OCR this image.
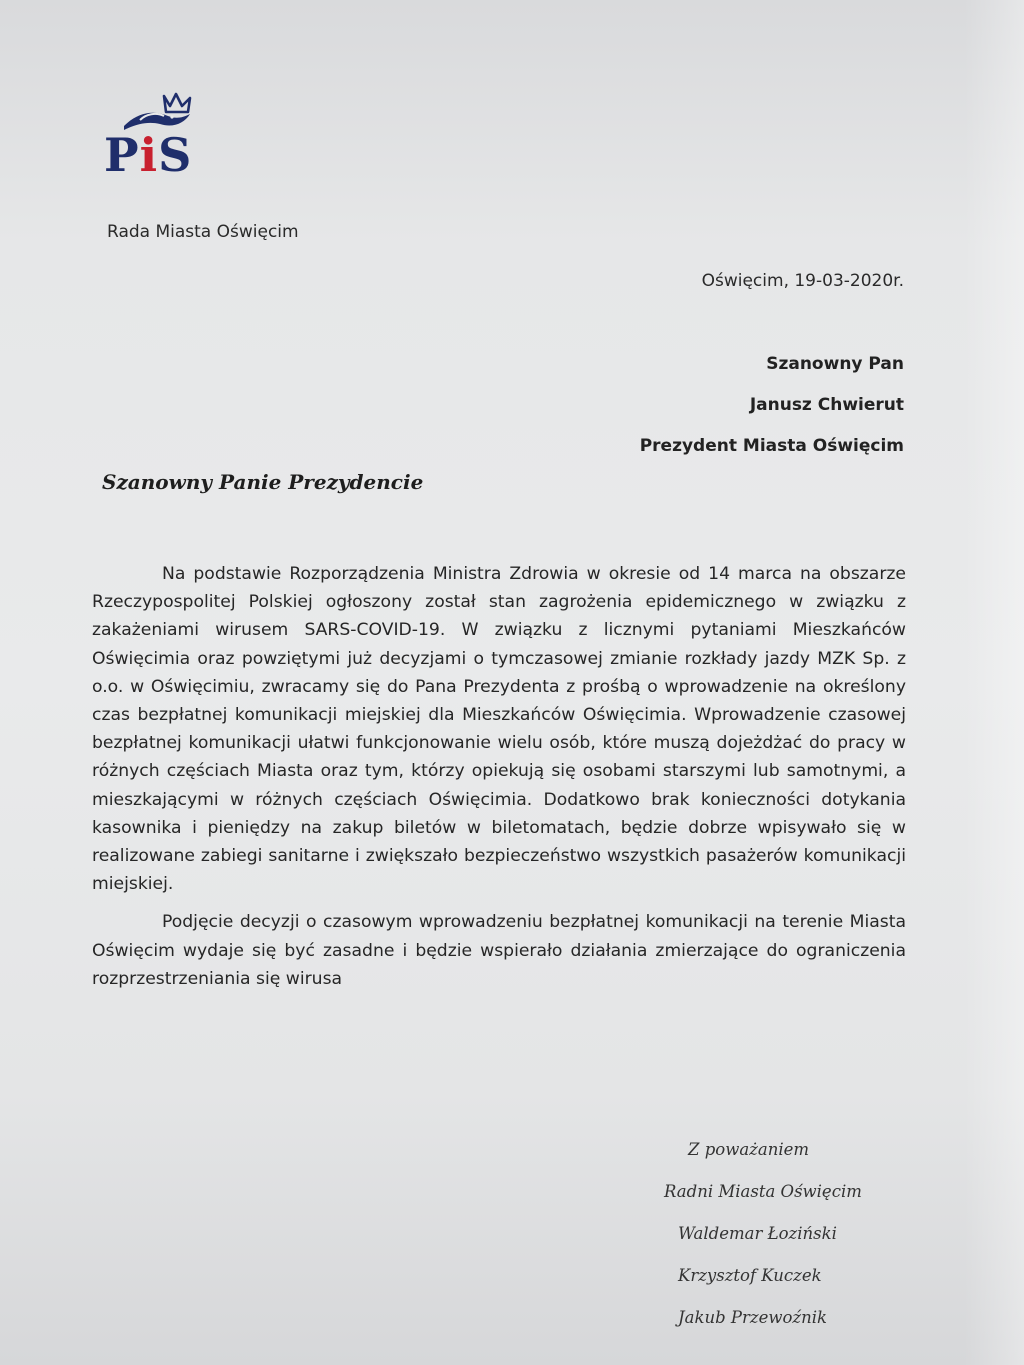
PiS
Rada Miasta Oświęcim
Oświęcim, 19-03-2020r.
Szanowny Pan
Janusz Chwierut
Prezydent Miasta Oświęcim
Szanowny Panie Prezydencie

Na podstawie Rozporządzenia Ministra Zdrowia w okresie od 14 marca na obszarze Rzeczypospolitej Polskiej ogłoszony został stan zagrożenia epidemicznego w związku z zakażeniami wirusem SARS-COVID-19. W związku z licznymi pytaniami Mieszkańców Oświęcimia oraz powziętymi już decyzjami o tymczasowej zmianie rozkłady jazdy MZK Sp. z o.o. w Oświęcimiu, zwracamy się do Pana Prezydenta z prośbą o wprowadzenie na określony czas bezpłatnej komunikacji miejskiej dla Mieszkańców Oświęcimia. Wprowadzenie czasowej bezpłatnej komunikacji ułatwi funkcjonowanie wielu osób, które muszą dojeżdżać do pracy w różnych częściach Miasta oraz tym, którzy opiekują się osobami starszymi lub samotnymi, a mieszkającymi w różnych częściach Oświęcimia. Dodatkowo brak konieczności dotykania kasownika i pieniędzy na zakup biletów w biletomatach, będzie dobrze wpisywało się w realizowane zabiegi sanitarne i zwiększało bezpieczeństwo wszystkich pasażerów komunikacji miejskiej.

Podjęcie decyzji o czasowym wprowadzeniu bezpłatnej komunikacji na terenie Miasta Oświęcim wydaje się być zasadne i będzie wspierało działania zmierzające do ograniczenia rozprzestrzeniania się wirusa

Z poważaniem
Radni Miasta Oświęcim
Waldemar Łoziński
Krzysztof Kuczek
Jakub Przewoźnik
